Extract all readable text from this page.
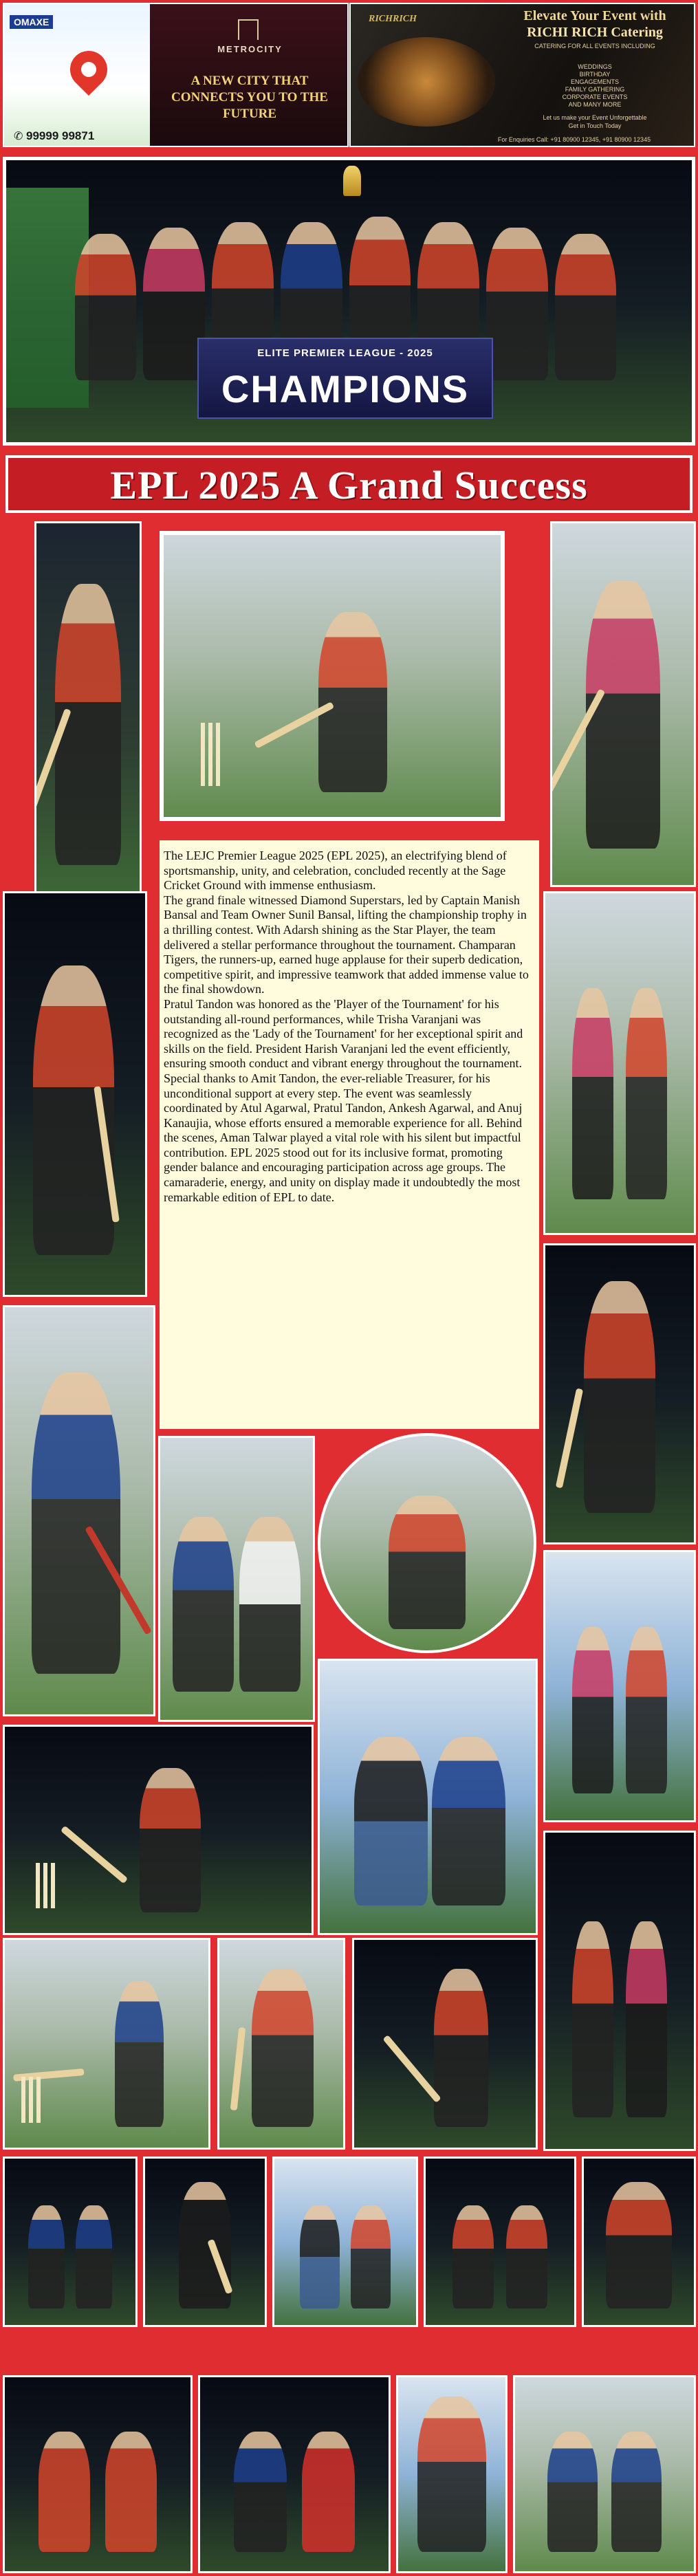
OMAXE
✆ 99999 99871
METROCITY
A NEW CITY THAT CONNECTS YOU TO THE FUTURE
RICHRICH	Elevate Your Event with
RICHI RICH Catering
CATERING FOR ALL EVENTS INCLUDING
WEDDINGS
BIRTHDAY
ENGAGEMENTS
FAMILY GATHERING
CORPORATE EVENTS
AND MANY MORE
Let us make your Event Unforgettable
Get in Touch Today
For Enquiries Call: +91 80900 12345, +91 80900 12345
ELITE PREMIER LEAGUE - 2025
CHAMPIONS
EPL 2025 A Grand Success

The LEJC Premier League 2025 (EPL 2025), an electrifying blend of sportsmanship, unity, and celebration, concluded recently at the Sage Cricket Ground with immense enthusiasm.

The grand finale witnessed Diamond Superstars, led by Captain Manish Bansal and Team Owner Sunil Bansal, lifting the championship trophy in a thrilling contest. With Adarsh shining as the Star Player, the team delivered a stellar performance throughout the tournament. Champaran Tigers, the runners-up, earned huge applause for their superb dedication, competitive spirit, and impressive teamwork that added immense value to the final showdown.

Pratul Tandon was honored as the 'Player of the Tournament' for his outstanding all-round performances, while Trisha Varanjani was recognized as the 'Lady of the Tournament' for her exceptional spirit and skills on the field. President Harish Varanjani led the event efficiently, ensuring smooth conduct and vibrant energy throughout the tournament. Special thanks to Amit Tandon, the ever-reliable Treasurer, for his unconditional support at every step. The event was seamlessly coordinated by Atul Agarwal, Pratul Tandon, Ankesh Agarwal, and Anuj Kanaujia, whose efforts ensured a memorable experience for all. Behind the scenes, Aman Talwar played a vital role with his silent but impactful contribution. EPL 2025 stood out for its inclusive format, promoting gender balance and encouraging participation across age groups. The camaraderie, energy, and unity on display made it undoubtedly the most remarkable edition of EPL to date.
